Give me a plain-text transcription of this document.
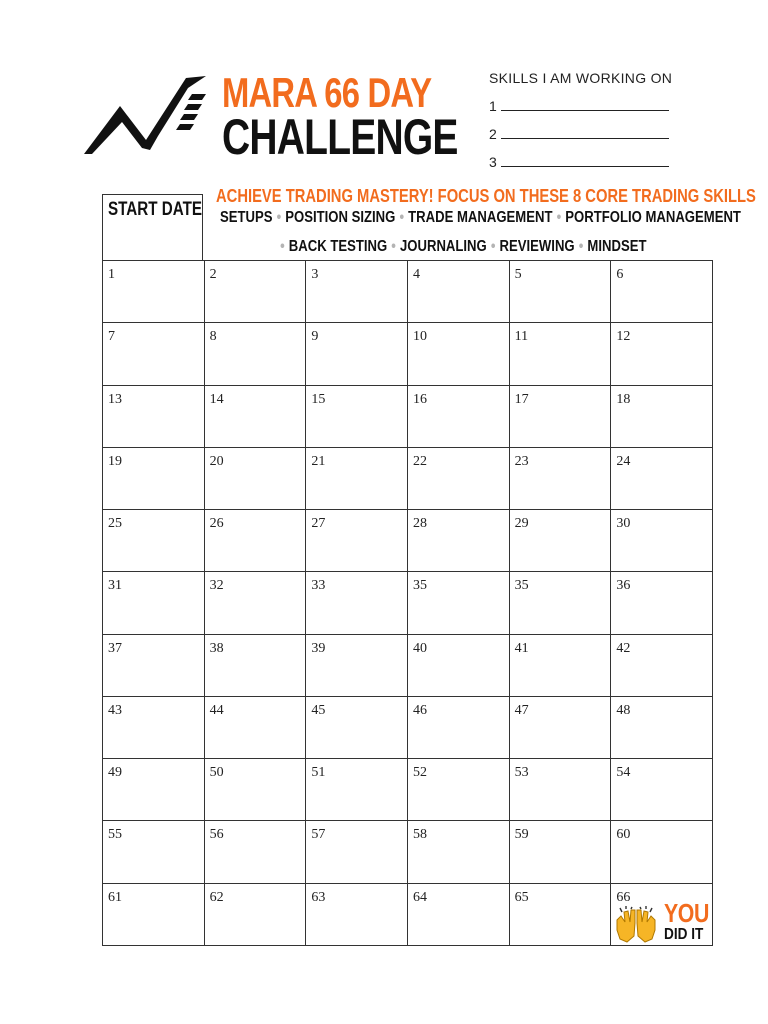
MARA 66 DAY
CHALLENGE
SKILLS I AM WORKING ON
1
2
3
START DATE
ACHIEVE TRADING MASTERY! FOCUS ON THESE 8 CORE TRADING SKILLS
SETUPS • POSITION SIZING • TRADE MANAGEMENT • PORTFOLIO MANAGEMENT
• BACK TESTING • JOURNALING • REVIEWING • MINDSET
1	2	3	4	5	6
7	8	9	10	11	12
13	14	15	16	17	18
19	20	21	22	23	24
25	26	27	28	29	30
31	32	33	35	35	36
37	38	39	40	41	42
43	44	45	46	47	48
49	50	51	52	53	54
55	56	57	58	59	60
61	62	63	64	65	66
YOU
DID IT
